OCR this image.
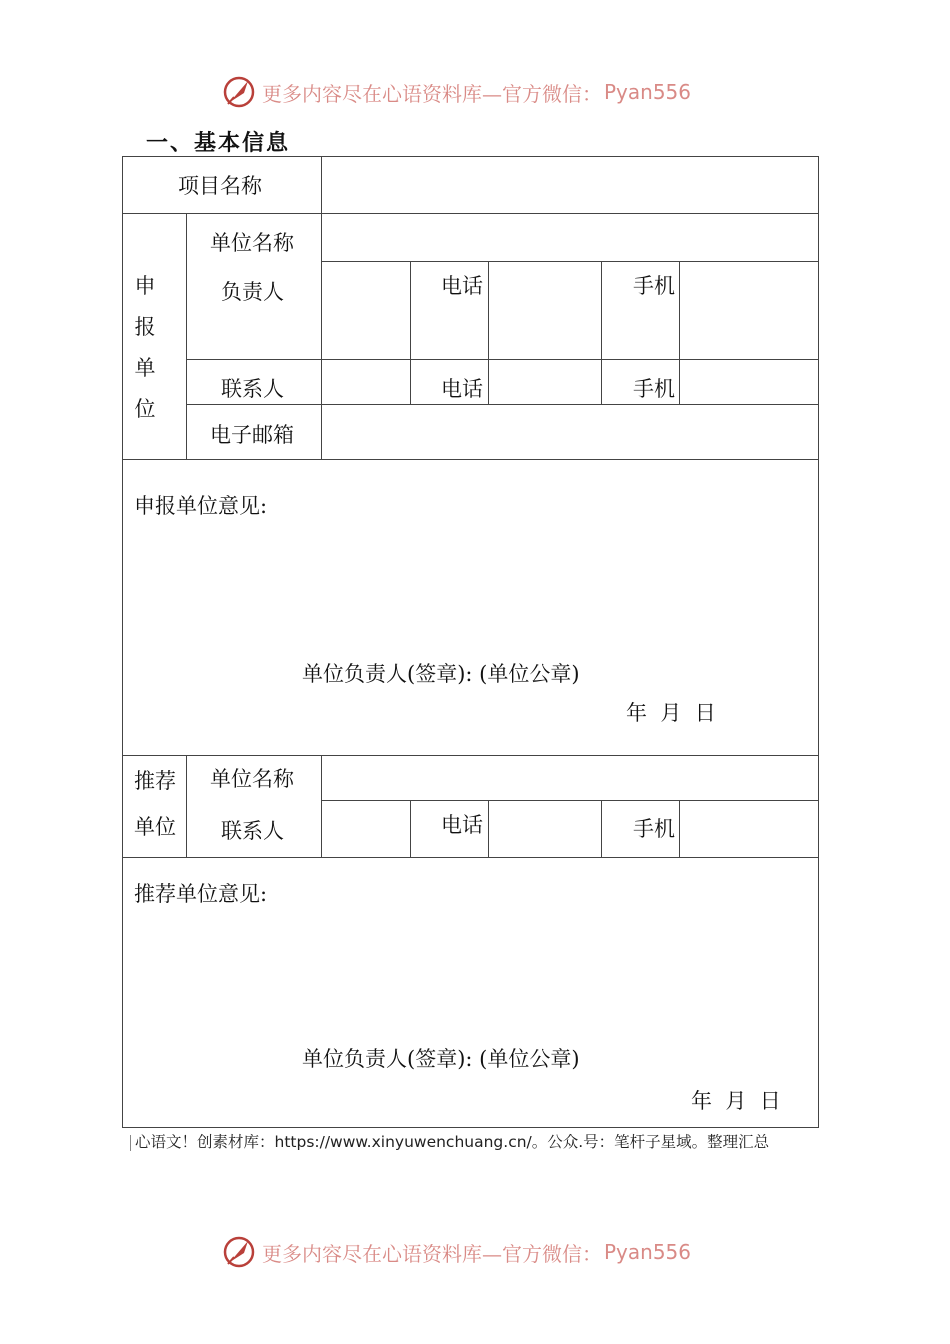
更多内容尽在心语资料库—官方微信： Pyan556
一、基本信息
项目名称
申
报
单
位
单位名称
负责人	电话	手机
联系人	电话	手机
电子邮箱
申报单位意见:
单位负责人(签章): (单位公章)
年  月  日
推荐
单位
单位名称
联系人	电话	手机
推荐单位意见:
单位负责人(签章): (单位公章)
年  月  日
心语文！创素材库：https://www.xinyuwenchuang.cn/。公众.号：笔杆子星域。整理汇总
更多内容尽在心语资料库—官方微信： Pyan556
